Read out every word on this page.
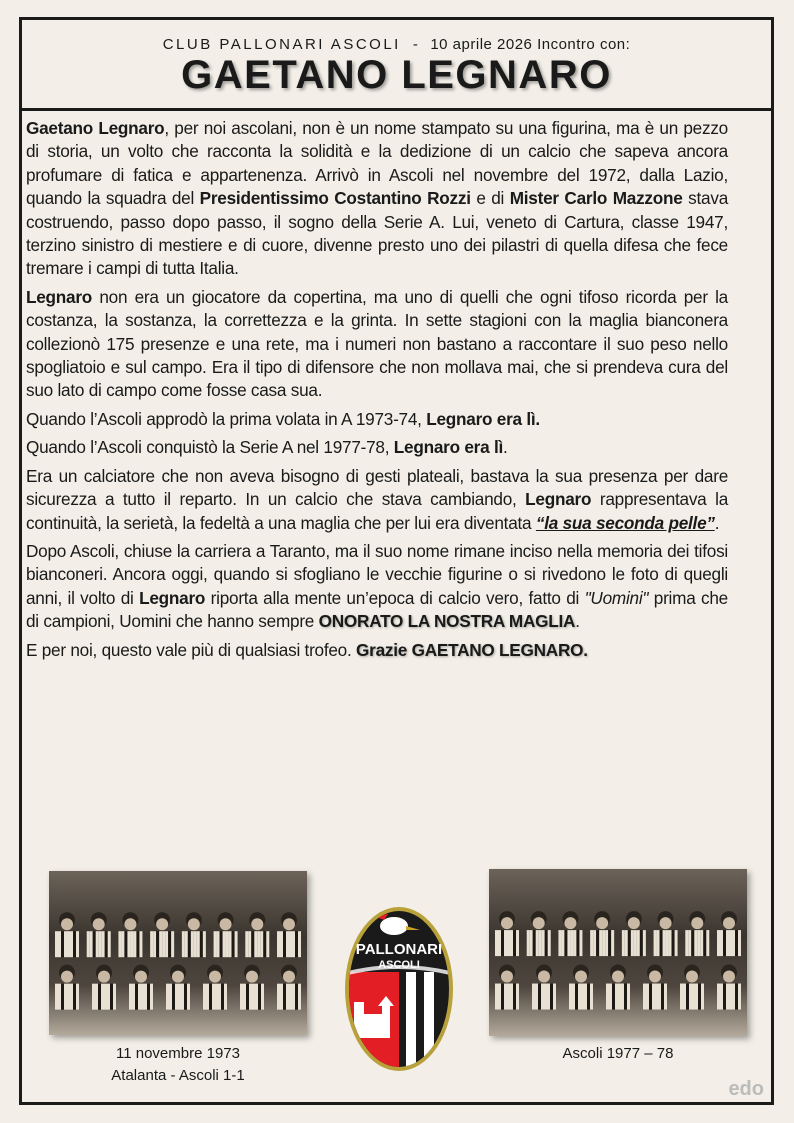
CLUB PALLONARI ASCOLI - 10 aprile 2026 Incontro con:
GAETANO LEGNARO

Gaetano Legnaro, per noi ascolani, non è un nome stampato su una figurina, ma è un pezzo di storia, un volto che racconta la solidità e la dedizione di un calcio che sapeva ancora profumare di fatica e appartenenza. Arrivò in Ascoli nel novembre del 1972, dalla Lazio, quando la squadra del Presidentissimo Costantino Rozzi e di Mister Carlo Mazzone stava costruendo, passo dopo passo, il sogno della Serie A. Lui, veneto di Cartura, classe 1947, terzino sinistro di mestiere e di cuore, divenne presto uno dei pilastri di quella difesa che fece tremare i campi di tutta Italia.

Legnaro non era un giocatore da copertina, ma uno di quelli che ogni tifoso ricorda per la costanza, la sostanza, la correttezza e la grinta. In sette stagioni con la maglia bianconera collezionò 175 presenze e una rete, ma i numeri non bastano a raccontare il suo peso nello spogliatoio e sul campo. Era il tipo di difensore che non mollava mai, che si prendeva cura del suo lato di campo come fosse casa sua.

Quando l’Ascoli approdò la prima volata in A 1973-74, Legnaro era lì.

Quando l’Ascoli conquistò la Serie A nel 1977-78, Legnaro era lì.

Era un calciatore che non aveva bisogno di gesti plateali, bastava la sua presenza per dare sicurezza a tutto il reparto. In un calcio che stava cambiando, Legnaro rappresentava la continuità, la serietà, la fedeltà a una maglia che per lui era diventata “la sua seconda pelle”.

Dopo Ascoli, chiuse la carriera a Taranto, ma il suo nome rimane inciso nella memoria dei tifosi bianconeri. Ancora oggi, quando si sfogliano le vecchie figurine o si rivedono le foto di quegli anni, il volto di Legnaro riporta alla mente un’epoca di calcio vero, fatto di "Uomini" prima che di campioni, Uomini che hanno sempre ONORATO LA NOSTRA MAGLIA.

E per noi, questo vale più di qualsiasi trofeo. Grazie GAETANO LEGNARO.

11 novembre 1973
Atalanta - Ascoli 1-1
Ascoli 1977 – 78
PALLONARI
ASCOLI
edo
